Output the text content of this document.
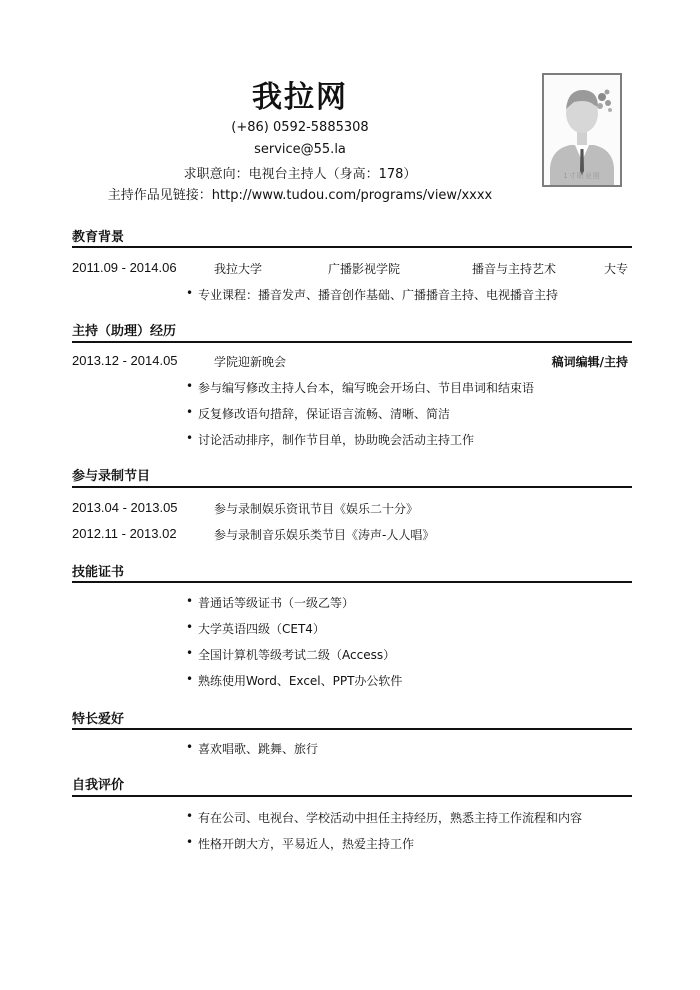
我拉网
(+86) 0592-5885308
service@55.la
求职意向：电视台主持人（身高：178）
主持作品见链接：http://www.tudou.com/programs/view/xxxx
1寸职业照
教育背景
2011.09 - 2014.06	我拉大学	广播影视学院	播音与主持艺术	大专
• 专业课程：播音发声、播音创作基础、广播播音主持、电视播音主持
主持（助理）经历
2013.12 - 2014.05	学院迎新晚会	稿词编辑/主持
• 参与编写修改主持人台本，编写晚会开场白、节目串词和结束语
• 反复修改语句措辞，保证语言流畅、清晰、简洁
• 讨论活动排序，制作节目单，协助晚会活动主持工作
参与录制节目
2013.04 - 2013.05	参与录制娱乐资讯节目《娱乐二十分》
2012.11 - 2013.02	参与录制音乐娱乐类节目《涛声-人人唱》
技能证书
• 普通话等级证书（一级乙等）
• 大学英语四级（CET4）
• 全国计算机等级考试二级（Access）
• 熟练使用Word、Excel、PPT办公软件
特长爱好
• 喜欢唱歌、跳舞、旅行
自我评价
• 有在公司、电视台、学校活动中担任主持经历，熟悉主持工作流程和内容
• 性格开朗大方，平易近人，热爱主持工作
